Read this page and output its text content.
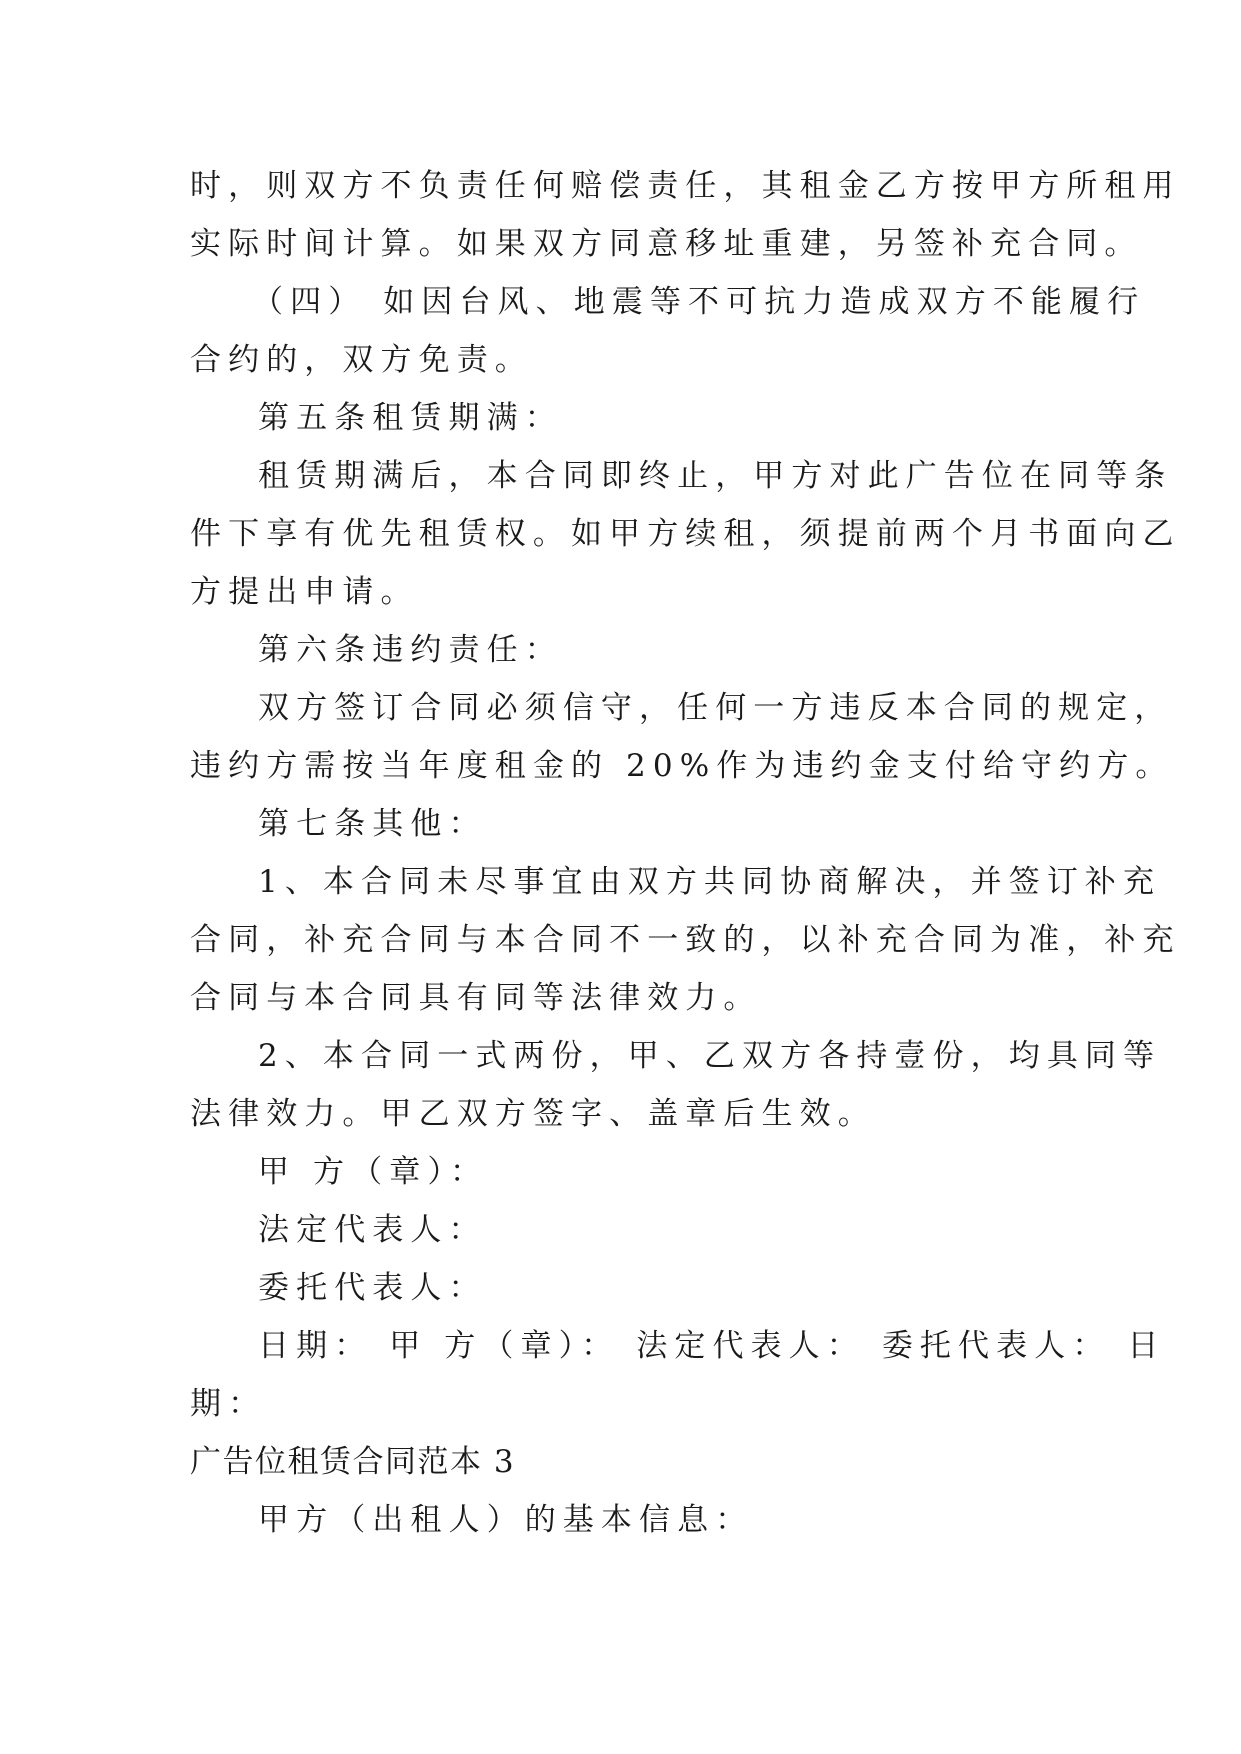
时，则双方不负责任何赔偿责任，其租金乙方按甲方所租用
实际时间计算。如果双方同意移址重建，另签补充合同。
（四） 如因台风、地震等不可抗力造成双方不能履行
合约的，双方免责。
第五条租赁期满：
租赁期满后，本合同即终止，甲方对此广告位在同等条
件下享有优先租赁权。如甲方续租，须提前两个月书面向乙
方提出申请。
第六条违约责任：
双方签订合同必须信守，任何一方违反本合同的规定，
违约方需按当年度租金的 20%作为违约金支付给守约方。
第七条其他：
1、本合同未尽事宜由双方共同协商解决，并签订补充
合同，补充合同与本合同不一致的，以补充合同为准，补充
合同与本合同具有同等法律效力。
2、本合同一式两份，甲、乙双方各持壹份，均具同等
法律效力。甲乙双方签字、盖章后生效。
甲 方（章）：
法定代表人：
委托代表人：
日期： 甲 方（章）： 法定代表人： 委托代表人： 日
期：
广告位租赁合同范本 3
甲方（出租人）的基本信息：
